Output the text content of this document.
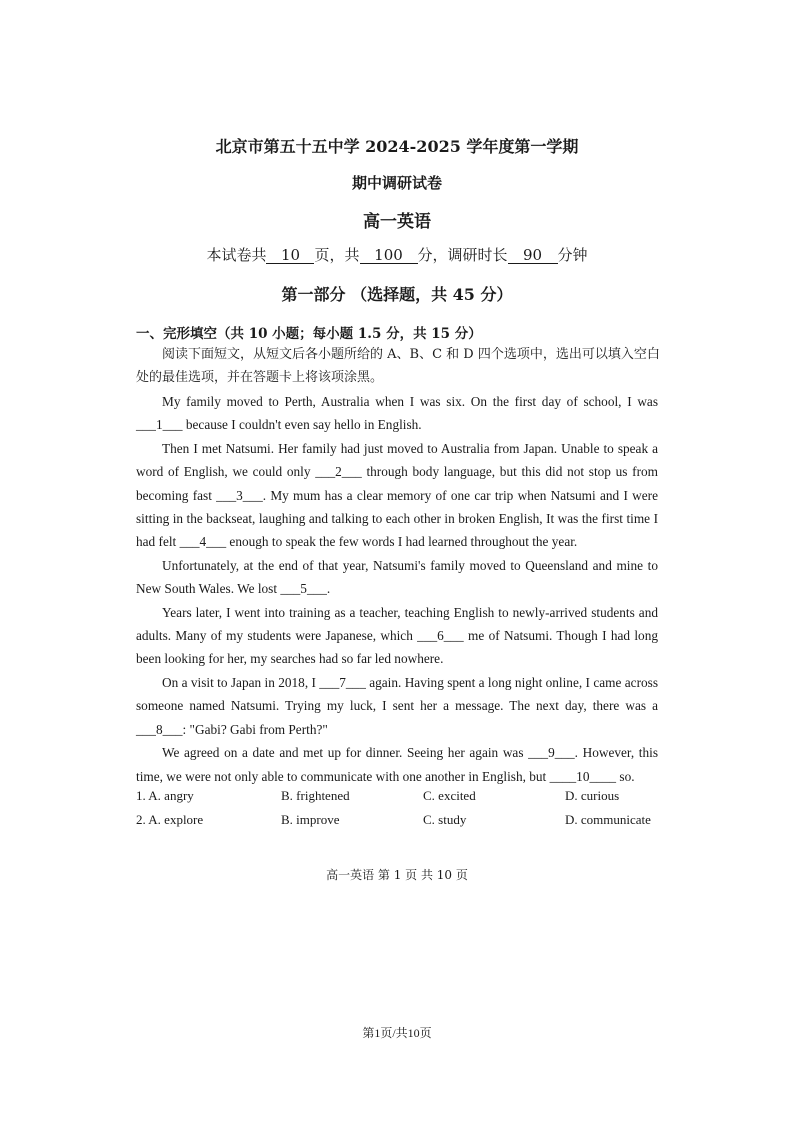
北京市第五十五中学 2024-2025 学年度第一学期
期中调研试卷
高一英语
本试卷共 10 页，共 100 分，调研时长 90 分钟
第一部分 （选择题，共 45 分）
一、完形填空（共 10 小题；每小题 1.5 分，共 15 分）
阅读下面短文，从短文后各小题所给的 A、B、C 和 D 四个选项中，选出可以填入空白处的最佳选项，并在答题卡上将该项涂黑。

My family moved to Perth, Australia when I was six. On the first day of school, I was ___1___ because I couldn't even say hello in English.

Then I met Natsumi. Her family had just moved to Australia from Japan. Unable to speak a word of English, we could only ___2___ through body language, but this did not stop us from becoming fast ___3___. My mum has a clear memory of one car trip when Natsumi and I were sitting in the backseat, laughing and talking to each other in broken English, It was the first time I had felt ___4___ enough to speak the few words I had learned throughout the year.

Unfortunately, at the end of that year, Natsumi's family moved to Queensland and mine to New South Wales. We lost ___5___.

Years later, I went into training as a teacher, teaching English to newly-arrived students and adults. Many of my students were Japanese, which ___6___ me of Natsumi. Though I had long been looking for her, my searches had so far led nowhere.

On a visit to Japan in 2018, I ___7___ again. Having spent a long night online, I came across someone named Natsumi. Trying my luck, I sent her a message. The next day, there was a ___8___: "Gabi? Gabi from Perth?"

We agreed on a date and met up for dinner. Seeing her again was ___9___. However, this time, we were not only able to communicate with one another in English, but ____10____ so.

1. A. angry	B. frightened	C. excited	D. curious
2. A. explore	B. improve	C. study	D. communicate
高一英语 第 1 页 共 10 页
第1页/共10页
